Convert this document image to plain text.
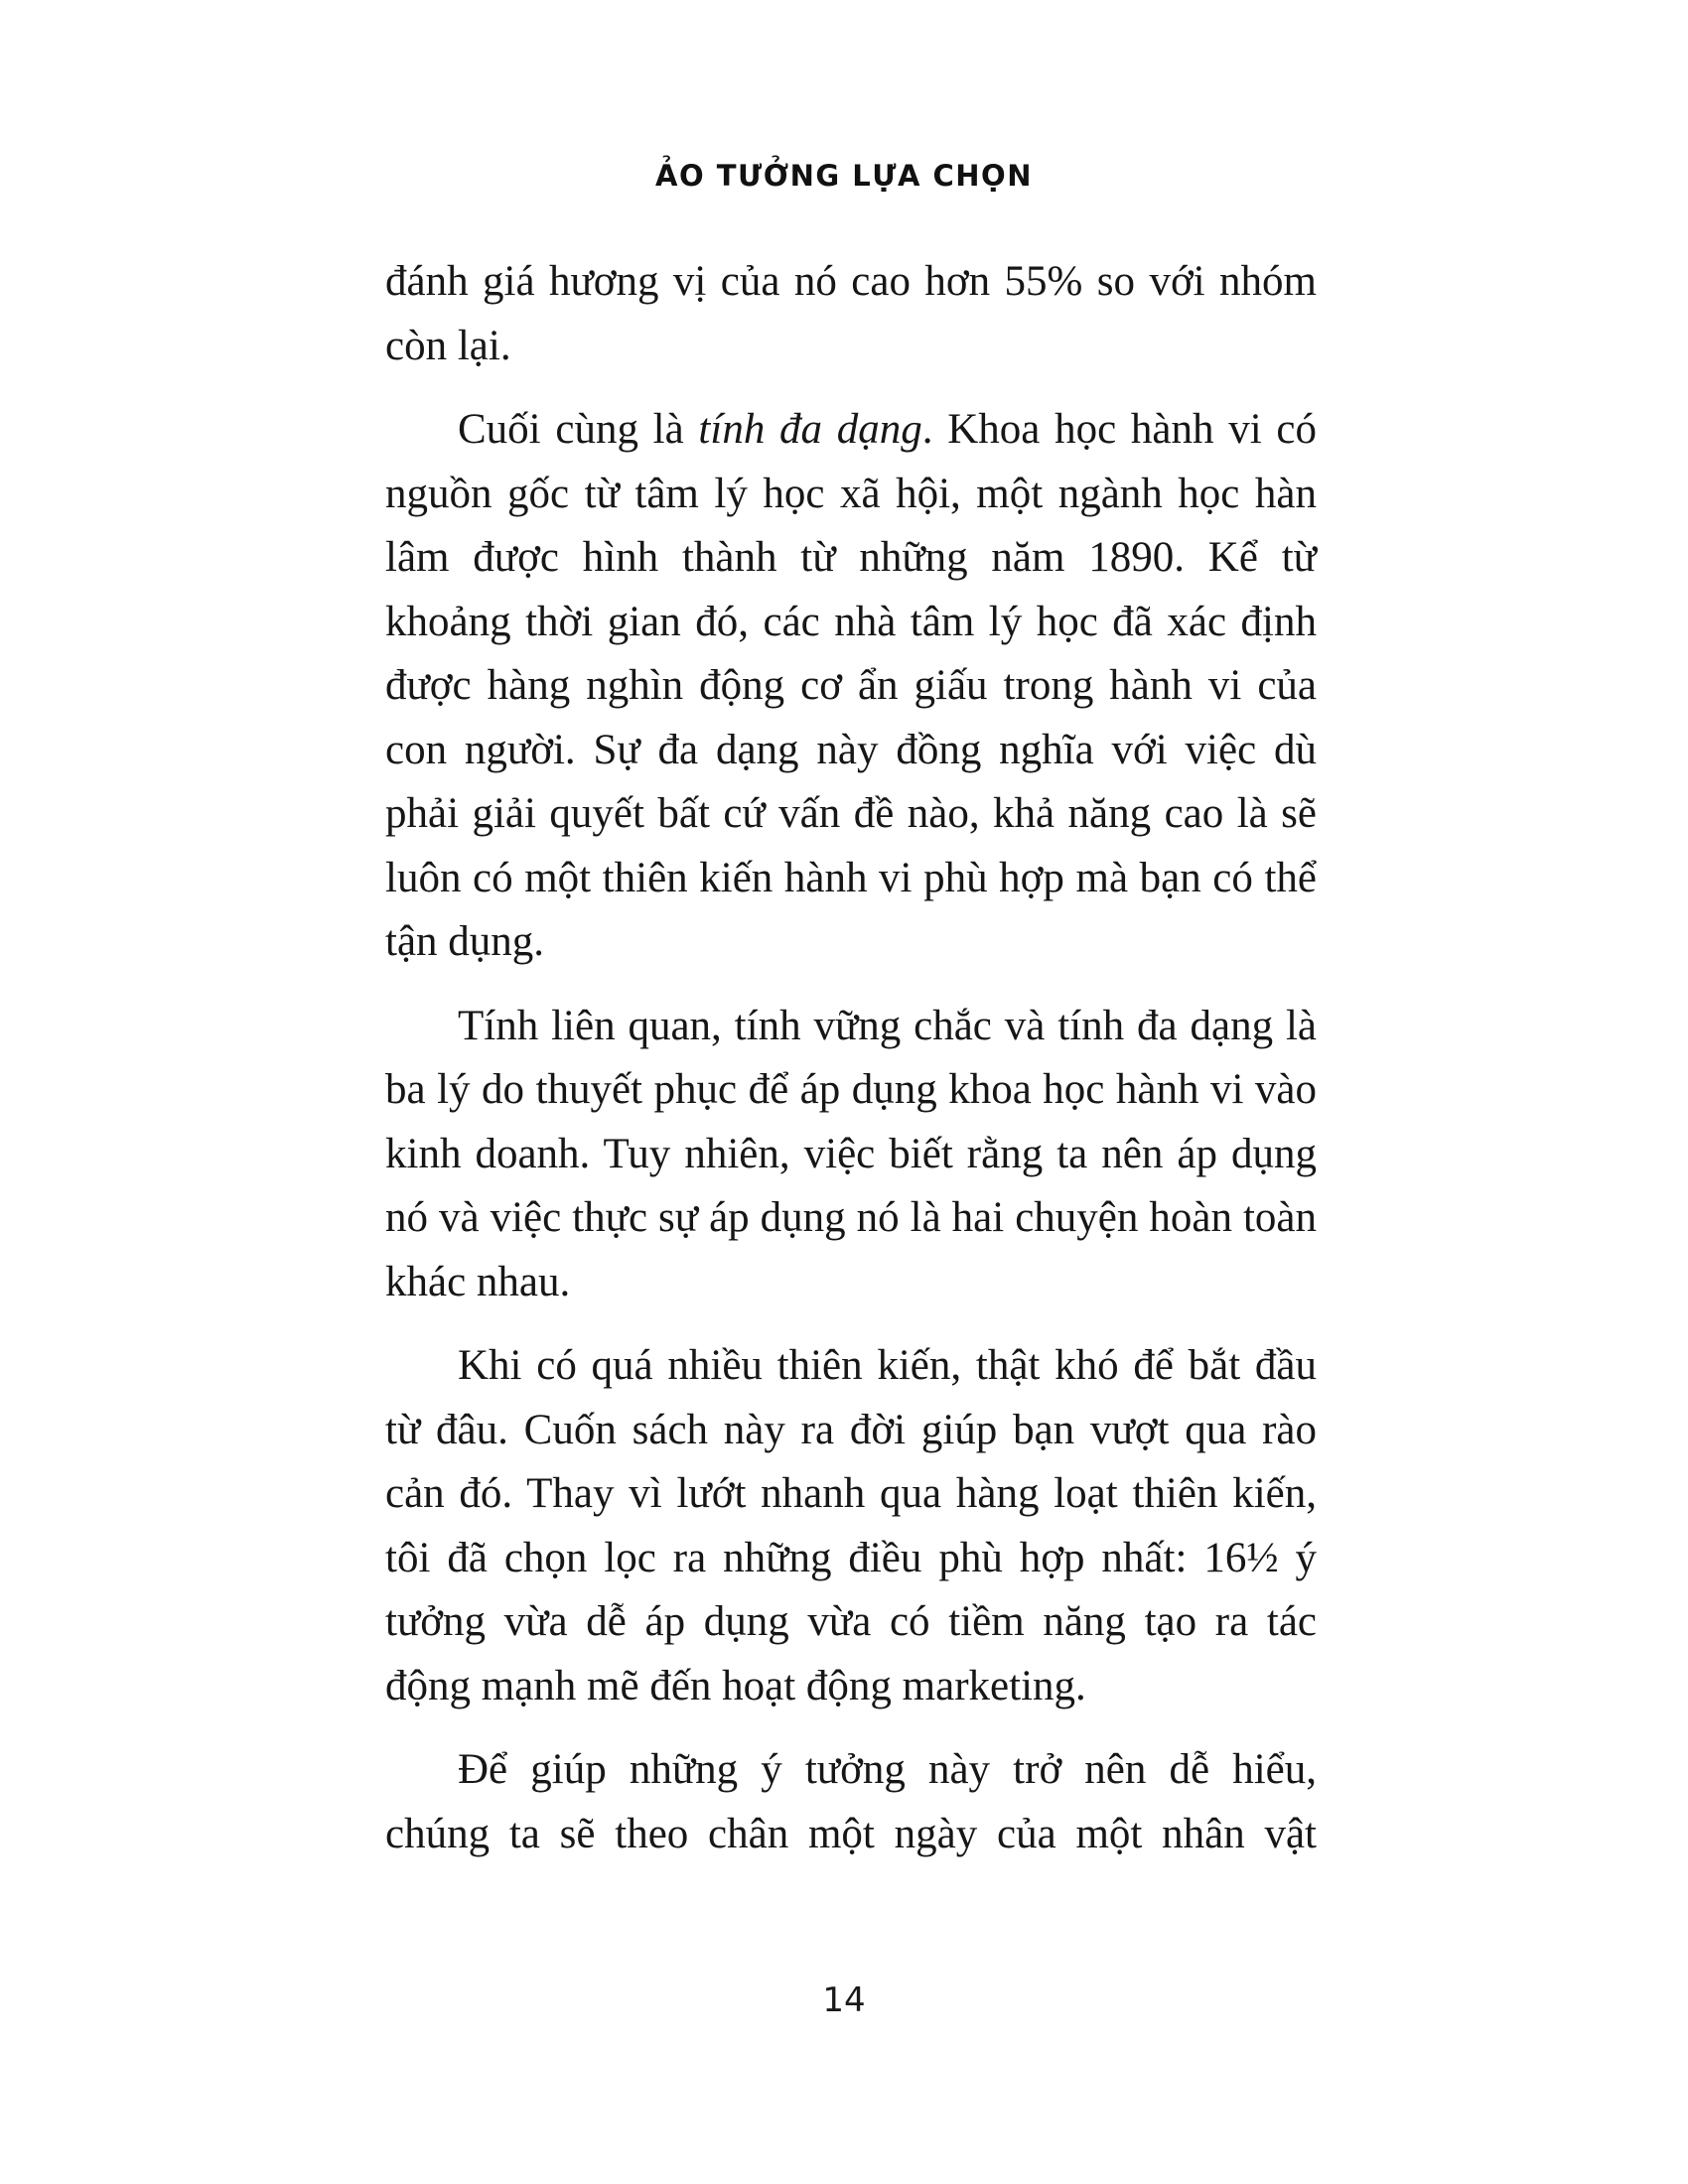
ẢO TƯỞNG LỰA CHỌN

đánh giá hương vị của nó cao hơn 55% so với nhóm còn lại.

Cuối cùng là tính đa dạng. Khoa học hành vi có nguồn gốc từ tâm lý học xã hội, một ngành học hàn lâm được hình thành từ những năm 1890. Kể từ khoảng thời gian đó, các nhà tâm lý học đã xác định được hàng nghìn động cơ ẩn giấu trong hành vi của con người. Sự đa dạng này đồng nghĩa với việc dù phải giải quyết bất cứ vấn đề nào, khả năng cao là sẽ luôn có một thiên kiến hành vi phù hợp mà bạn có thể tận dụng.

Tính liên quan, tính vững chắc và tính đa dạng là ba lý do thuyết phục để áp dụng khoa học hành vi vào kinh doanh. Tuy nhiên, việc biết rằng ta nên áp dụng nó và việc thực sự áp dụng nó là hai chuyện hoàn toàn khác nhau.

Khi có quá nhiều thiên kiến, thật khó để bắt đầu từ đâu. Cuốn sách này ra đời giúp bạn vượt qua rào cản đó. Thay vì lướt nhanh qua hàng loạt thiên kiến, tôi đã chọn lọc ra những điều phù hợp nhất: 16½ ý tưởng vừa dễ áp dụng vừa có tiềm năng tạo ra tác động mạnh mẽ đến hoạt động marketing.

Để giúp những ý tưởng này trở nên dễ hiểu, chúng ta sẽ theo chân một ngày của một nhân vật

14
